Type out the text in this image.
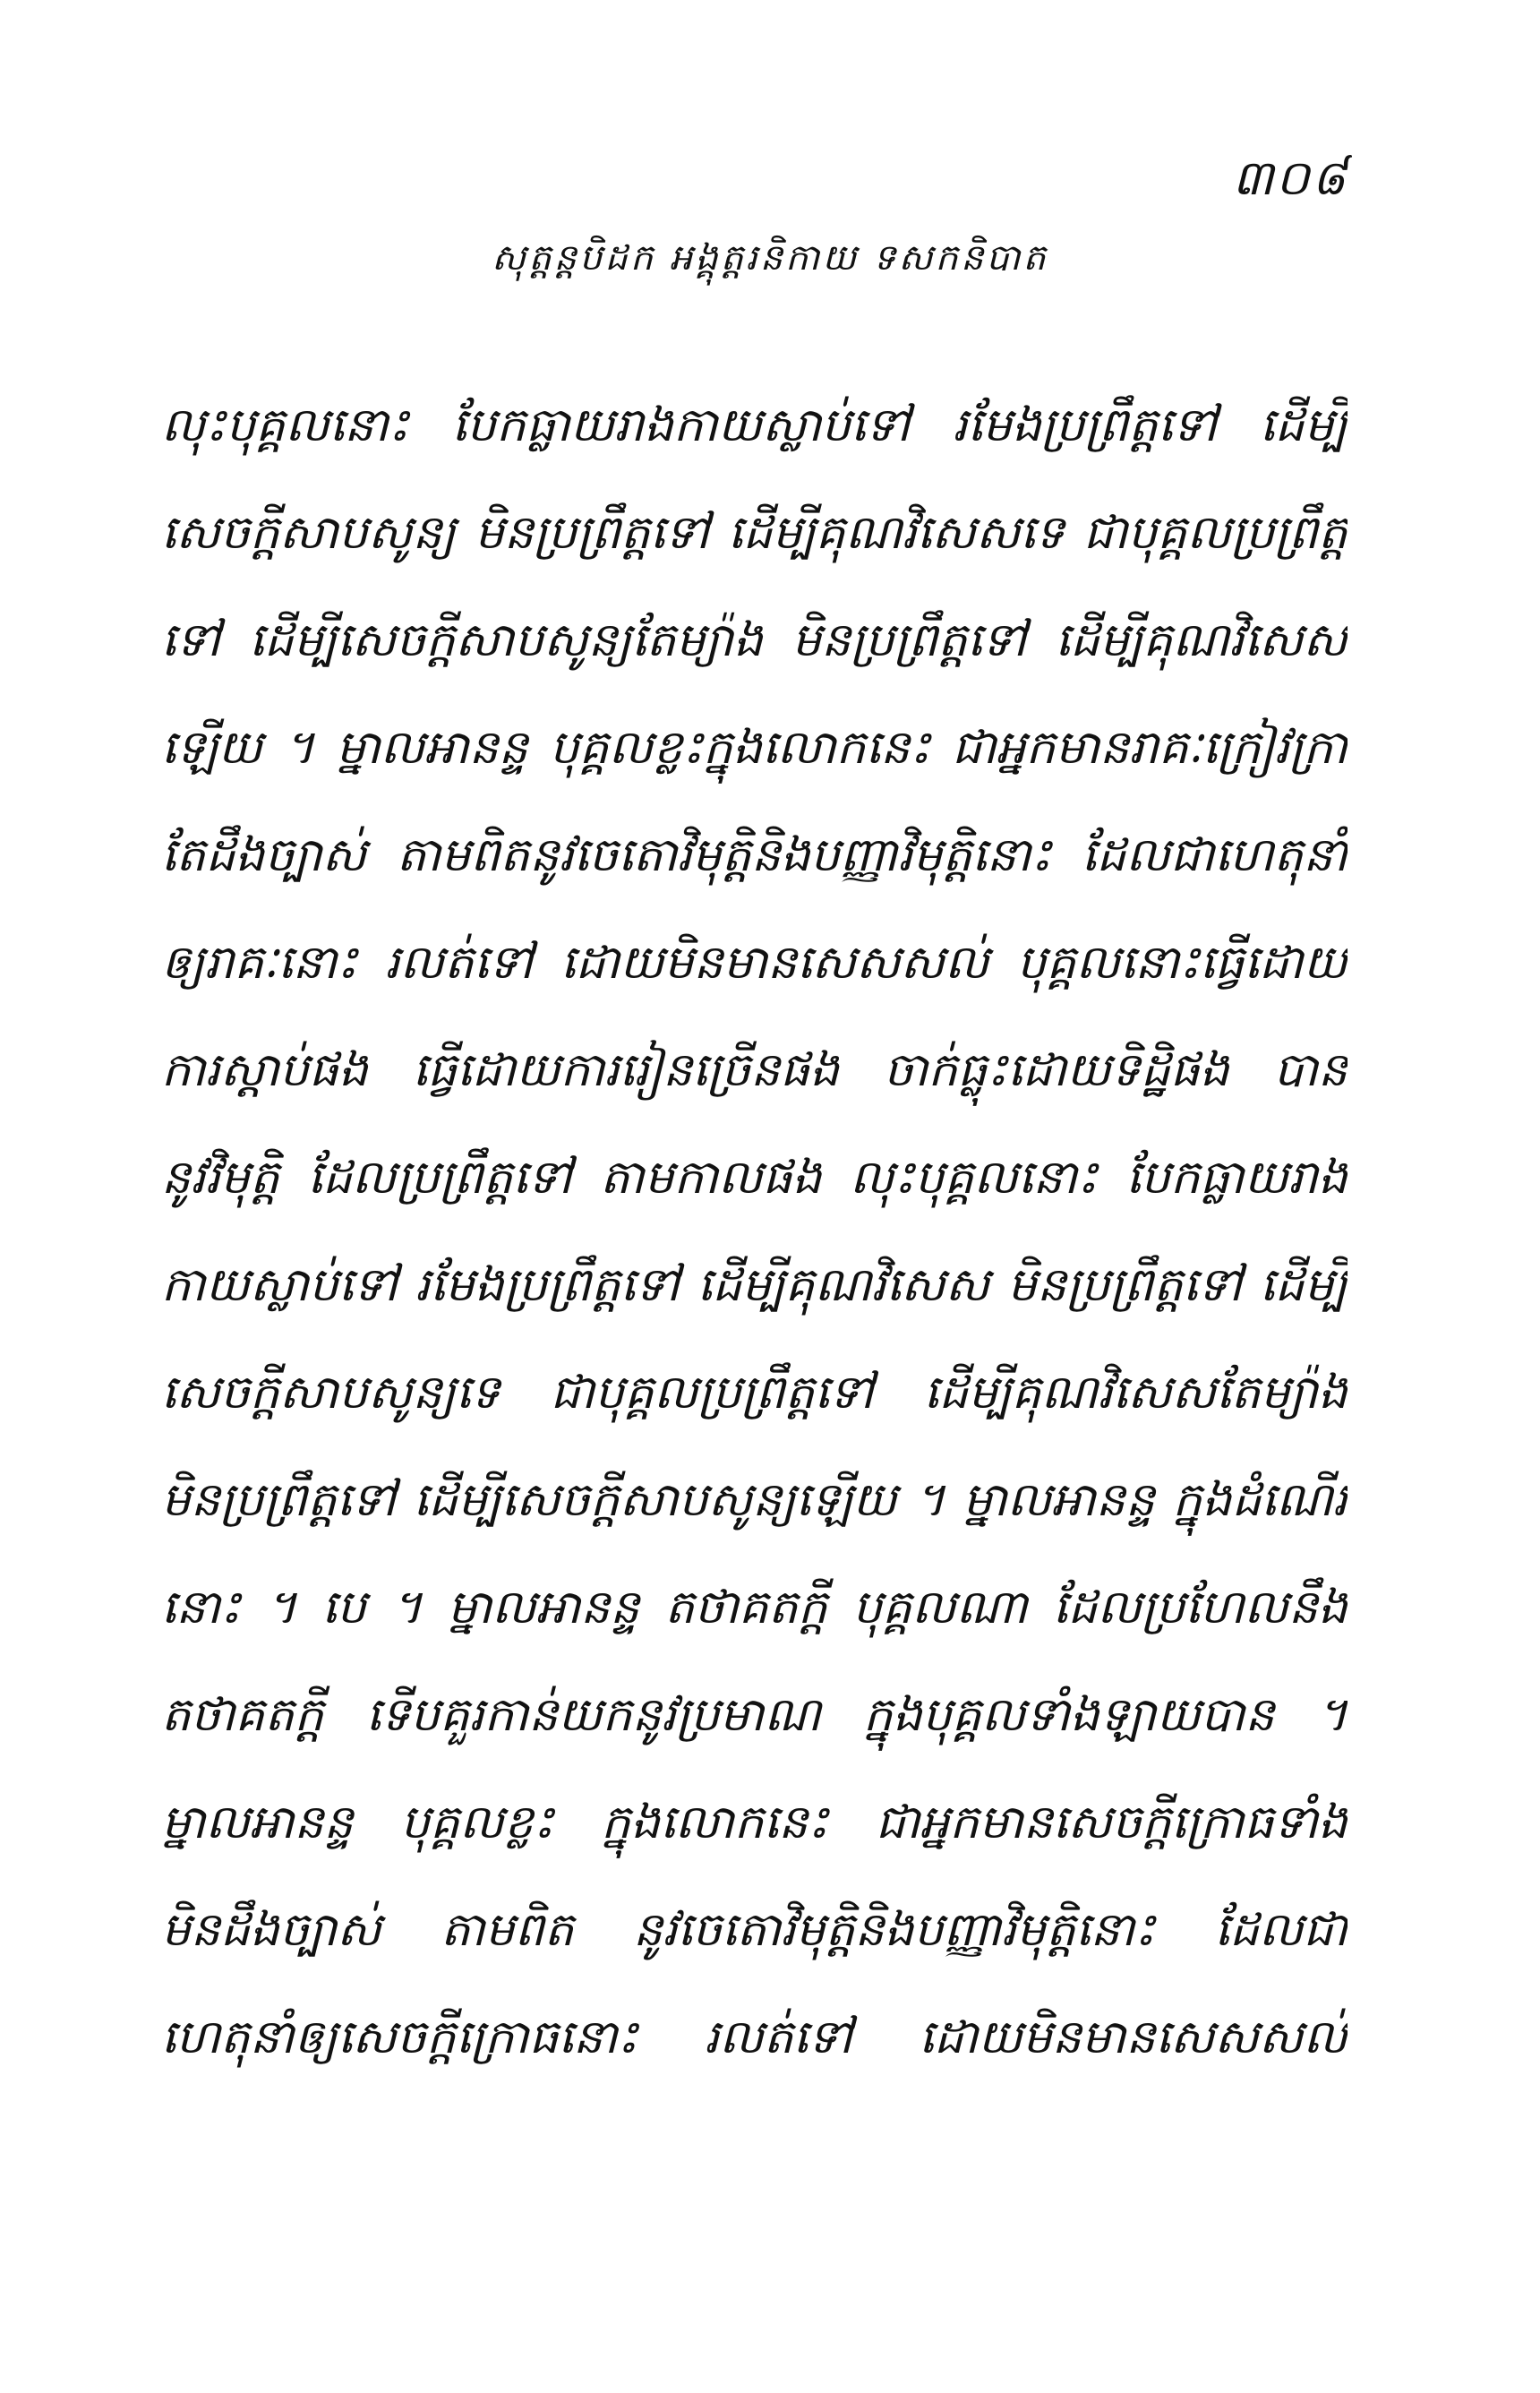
៣០៨
សុត្តន្តបិដក អង្គុត្តរនិកាយ ទសកនិបាត
លុះបុគ្គលនោះ បែកធ្លាយរាងកាយស្លាប់ទៅ រមែងប្រព្រឹត្តទៅ ដើម្បី
សេចក្តីសាបសូន្យ មិនប្រព្រឹត្តទៅ ដើម្បីគុណវិសេសទេ ជាបុគ្គលប្រព្រឹត្ត
ទៅ ដើម្បីសេចក្តីសាបសូន្យតែម្យ៉ាង មិនប្រព្រឹត្តទៅ ដើម្បីគុណវិសេស
ឡើយ ។ ម្នាលអានន្ទ បុគ្គលខ្លះក្នុងលោកនេះ ជាអ្នកមានរាគៈក្រៀវក្រា
តែដឹងច្បាស់ តាមពិតនូវចេតោវិមុត្តិនិងបញ្ញាវិមុត្តិនោះ ដែលជាហេតុនាំ
ឲ្យរាគៈនោះ រលត់ទៅ ដោយមិនមានសេសសល់ បុគ្គលនោះធ្វើដោយ
ការស្តាប់ផង ធ្វើដោយការរៀនច្រើនផង ចាក់ធ្លុះដោយទិដ្ឋិផង បាន
នូវវិមុត្តិ ដែលប្រព្រឹត្តទៅ តាមកាលផង លុះបុគ្គលនោះ បែកធ្លាយរាង
កាយស្លាប់ទៅ រមែងប្រព្រឹត្តទៅ ដើម្បីគុណវិសេស មិនប្រព្រឹត្តទៅ ដើម្បី
សេចក្តីសាបសូន្យទេ ជាបុគ្គលប្រព្រឹត្តទៅ ដើម្បីគុណវិសេសតែម្យ៉ាង
មិនប្រព្រឹត្តទៅ ដើម្បីសេចក្តីសាបសូន្យឡើយ ។ ម្នាលអានន្ទ ក្នុងដំណើរ
នោះ ។ បេ ។ ម្នាលអានន្ទ តថាគតក្តី បុគ្គលណា ដែលប្រហែលនឹង
តថាគតក្តី ទើបគួរកាន់យកនូវប្រមាណ ក្នុងបុគ្គលទាំងឡាយបាន ។
ម្នាលអានន្ទ បុគ្គលខ្លះ ក្នុងលោកនេះ ជាអ្នកមានសេចក្តីក្រោធទាំង
មិនដឹងច្បាស់ តាមពិត នូវចេតោវិមុត្តិនិងបញ្ញាវិមុត្តិនោះ ដែលជា
ហេតុនាំឲ្យសេចក្តីក្រោធនោះ រលត់ទៅ ដោយមិនមានសេសសល់
